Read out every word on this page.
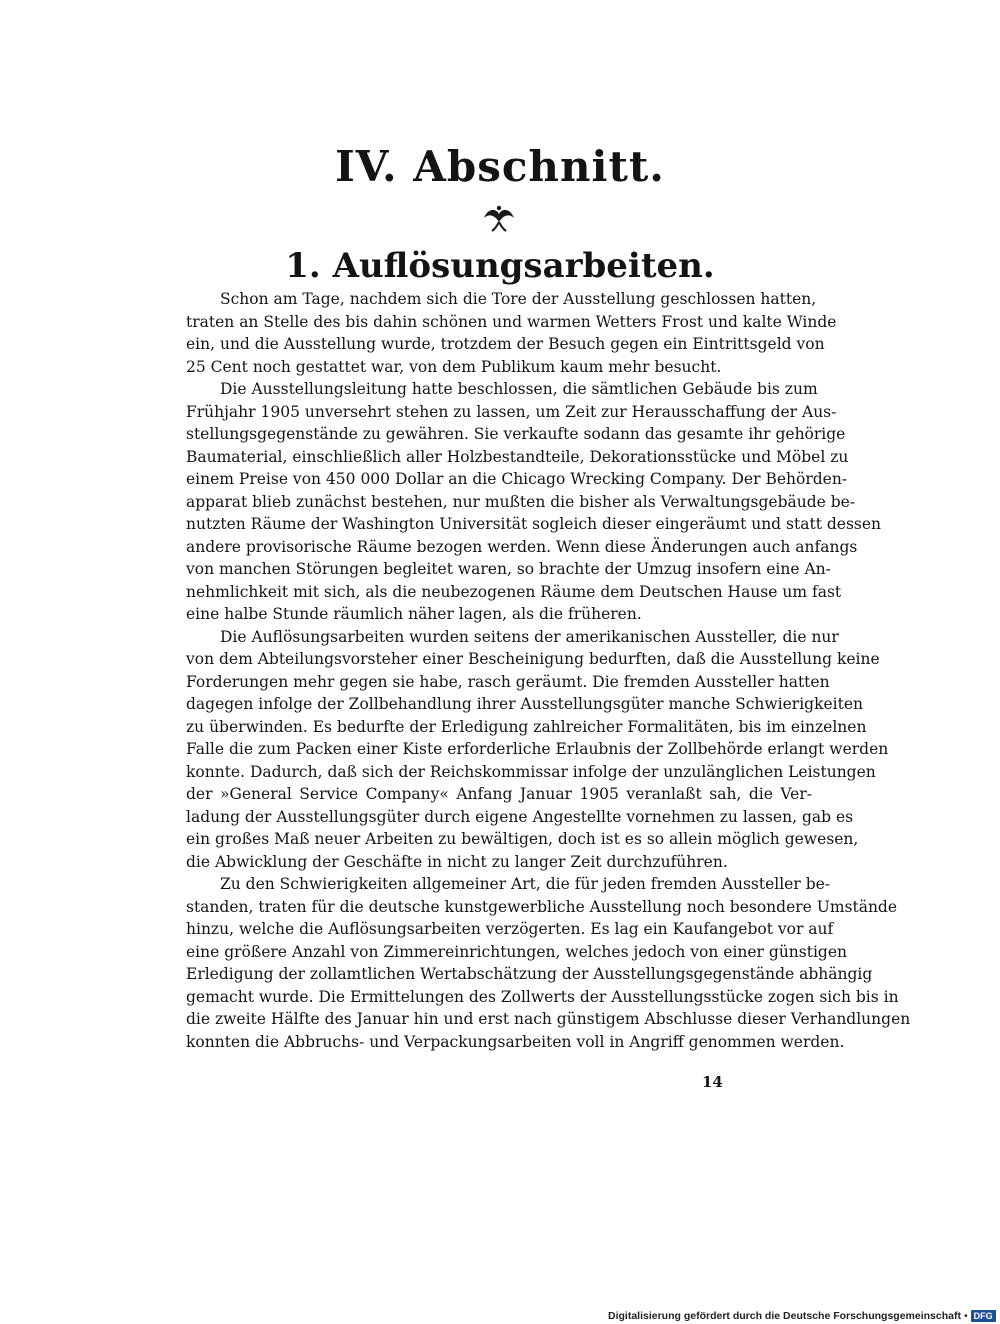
IV. Abschnitt.
1. Auflösungsarbeiten.
Schon am Tage, nachdem sich die Tore der Ausstellung geschlossen hatten,
traten an Stelle des bis dahin schönen und warmen Wetters Frost und kalte Winde
ein, und die Ausstellung wurde, trotzdem der Besuch gegen ein Eintrittsgeld von
25 Cent noch gestattet war, von dem Publikum kaum mehr besucht.
Die Ausstellungsleitung hatte beschlossen, die sämtlichen Gebäude bis zum
Frühjahr 1905 unversehrt stehen zu lassen, um Zeit zur Herausschaffung der Aus-
stellungsgegenstände zu gewähren. Sie verkaufte sodann das gesamte ihr gehörige
Baumaterial, einschließlich aller Holzbestandteile, Dekorationsstücke und Möbel zu
einem Preise von 450 000 Dollar an die Chicago Wrecking Company. Der Behörden-
apparat blieb zunächst bestehen, nur mußten die bisher als Verwaltungsgebäude be-
nutzten Räume der Washington Universität sogleich dieser eingeräumt und statt dessen
andere provisorische Räume bezogen werden. Wenn diese Änderungen auch anfangs
von manchen Störungen begleitet waren, so brachte der Umzug insofern eine An-
nehmlichkeit mit sich, als die neubezogenen Räume dem Deutschen Hause um fast
eine halbe Stunde räumlich näher lagen, als die früheren.
Die Auflösungsarbeiten wurden seitens der amerikanischen Aussteller, die nur
von dem Abteilungsvorsteher einer Bescheinigung bedurften, daß die Ausstellung keine
Forderungen mehr gegen sie habe, rasch geräumt. Die fremden Aussteller hatten
dagegen infolge der Zollbehandlung ihrer Ausstellungsgüter manche Schwierigkeiten
zu überwinden. Es bedurfte der Erledigung zahlreicher Formalitäten, bis im einzelnen
Falle die zum Packen einer Kiste erforderliche Erlaubnis der Zollbehörde erlangt werden
konnte. Dadurch, daß sich der Reichskommissar infolge der unzulänglichen Leistungen
der »General Service Company« Anfang Januar 1905 veranlaßt sah, die Ver-
ladung der Ausstellungsgüter durch eigene Angestellte vornehmen zu lassen, gab es
ein großes Maß neuer Arbeiten zu bewältigen, doch ist es so allein möglich gewesen,
die Abwicklung der Geschäfte in nicht zu langer Zeit durchzuführen.
Zu den Schwierigkeiten allgemeiner Art, die für jeden fremden Aussteller be-
standen, traten für die deutsche kunstgewerbliche Ausstellung noch besondere Umstände
hinzu, welche die Auflösungsarbeiten verzögerten. Es lag ein Kaufangebot vor auf
eine größere Anzahl von Zimmereinrichtungen, welches jedoch von einer günstigen
Erledigung der zollamtlichen Wertabschätzung der Ausstellungsgegenstände abhängig
gemacht wurde. Die Ermittelungen des Zollwerts der Ausstellungsstücke zogen sich bis in
die zweite Hälfte des Januar hin und erst nach günstigem Abschlusse dieser Verhandlungen
konnten die Abbruchs- und Verpackungsarbeiten voll in Angriff genommen werden.
14
Digitalisierung gefördert durch die Deutsche Forschungsgemeinschaft • DFG
